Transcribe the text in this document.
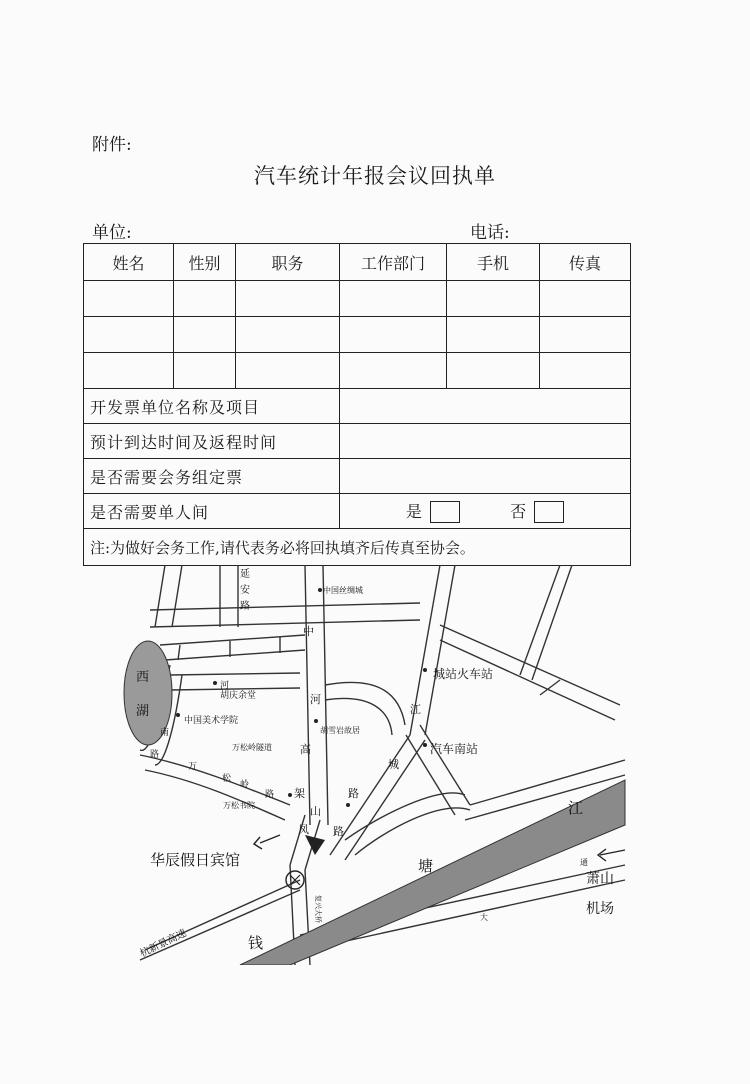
附件:
汽车统计年报会议回执单
单位:	电话:
姓名	性别	职务	工作部门	手机	传真

开发票单位名称及项目					
预计到达时间及返程时间					
是否需要会务组定票					
是否需要单人间			是 否		
注:为做好会务工作,请代表务必将回执填齐后传真至协会。					
西
湖
中国丝绸城
城站火车站
胡庆余堂
中国美术学院
胡雪岩故居
汽车南站
万松岭隧道
万松书院
华辰假日宾馆
萧山
机场
钱
塘
江
杭新景高速
复兴大桥
凤
山
路
中
河
高
架
江
城
路
延
安
路
河
万
松
岭
路
南
路
大
通
